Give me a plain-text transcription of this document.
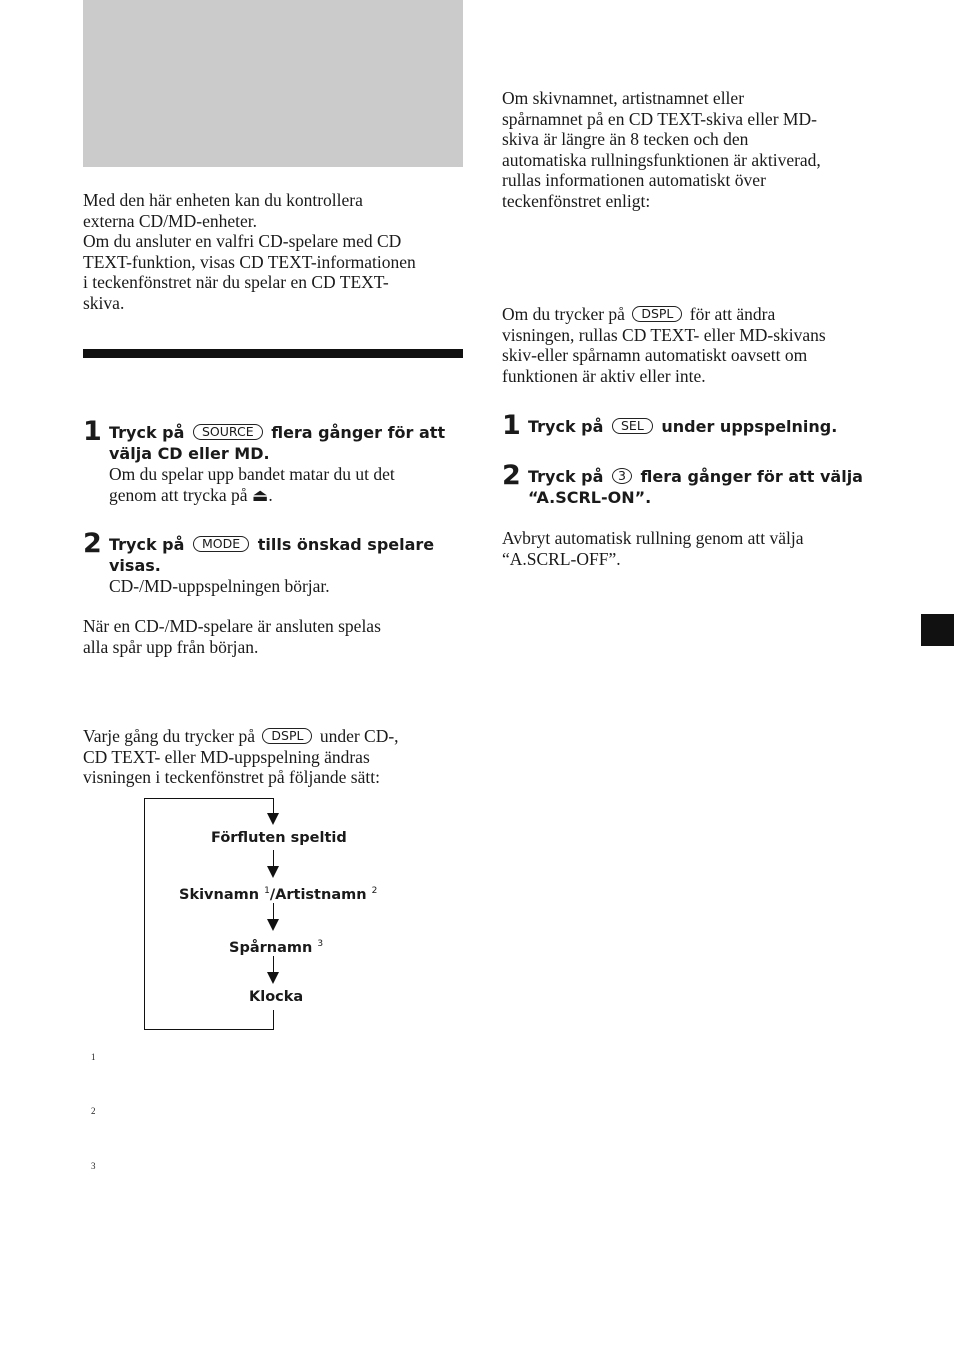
Med den här enheten kan du kontrollera
externa CD/MD-enheter.
Om du ansluter en valfri CD-spelare med CD
TEXT-funktion, visas CD TEXT-informationen
i teckenfönstret när du spelar en CD TEXT-
skiva.
1 Tryck på SOURCE flera gånger för att
välja CD eller MD.
Om du spelar upp bandet matar du ut det
genom att trycka på ⏏.
2 Tryck på MODE tills önskad spelare
visas.
CD-/MD-uppspelningen börjar.
När en CD-/MD-spelare är ansluten spelas
alla spår upp från början.
Varje gång du trycker på DSPL under CD-,
CD TEXT- eller MD-uppspelning ändras
visningen i teckenfönstret på följande sätt:
Förfluten speltid
Skivnamn $^1$/Artistnamn $^2$
Spårnamn $^3$
Klocka
1
2
3
Om skivnamnet, artistnamnet eller
spårnamnet på en CD TEXT-skiva eller MD-
skiva är längre än 8 tecken och den
automatiska rullningsfunktionen är aktiverad,
rullas informationen automatiskt över
teckenfönstret enligt:
Om du trycker på DSPL för att ändra
visningen, rullas CD TEXT- eller MD-skivans
skiv-eller spårnamn automatiskt oavsett om
funktionen är aktiv eller inte.
1 Tryck på SEL under uppspelning.
2 Tryck på 3 flera gånger för att välja
“A.SCRL-ON”.
Avbryt automatisk rullning genom att välja
“A.SCRL-OFF”.
